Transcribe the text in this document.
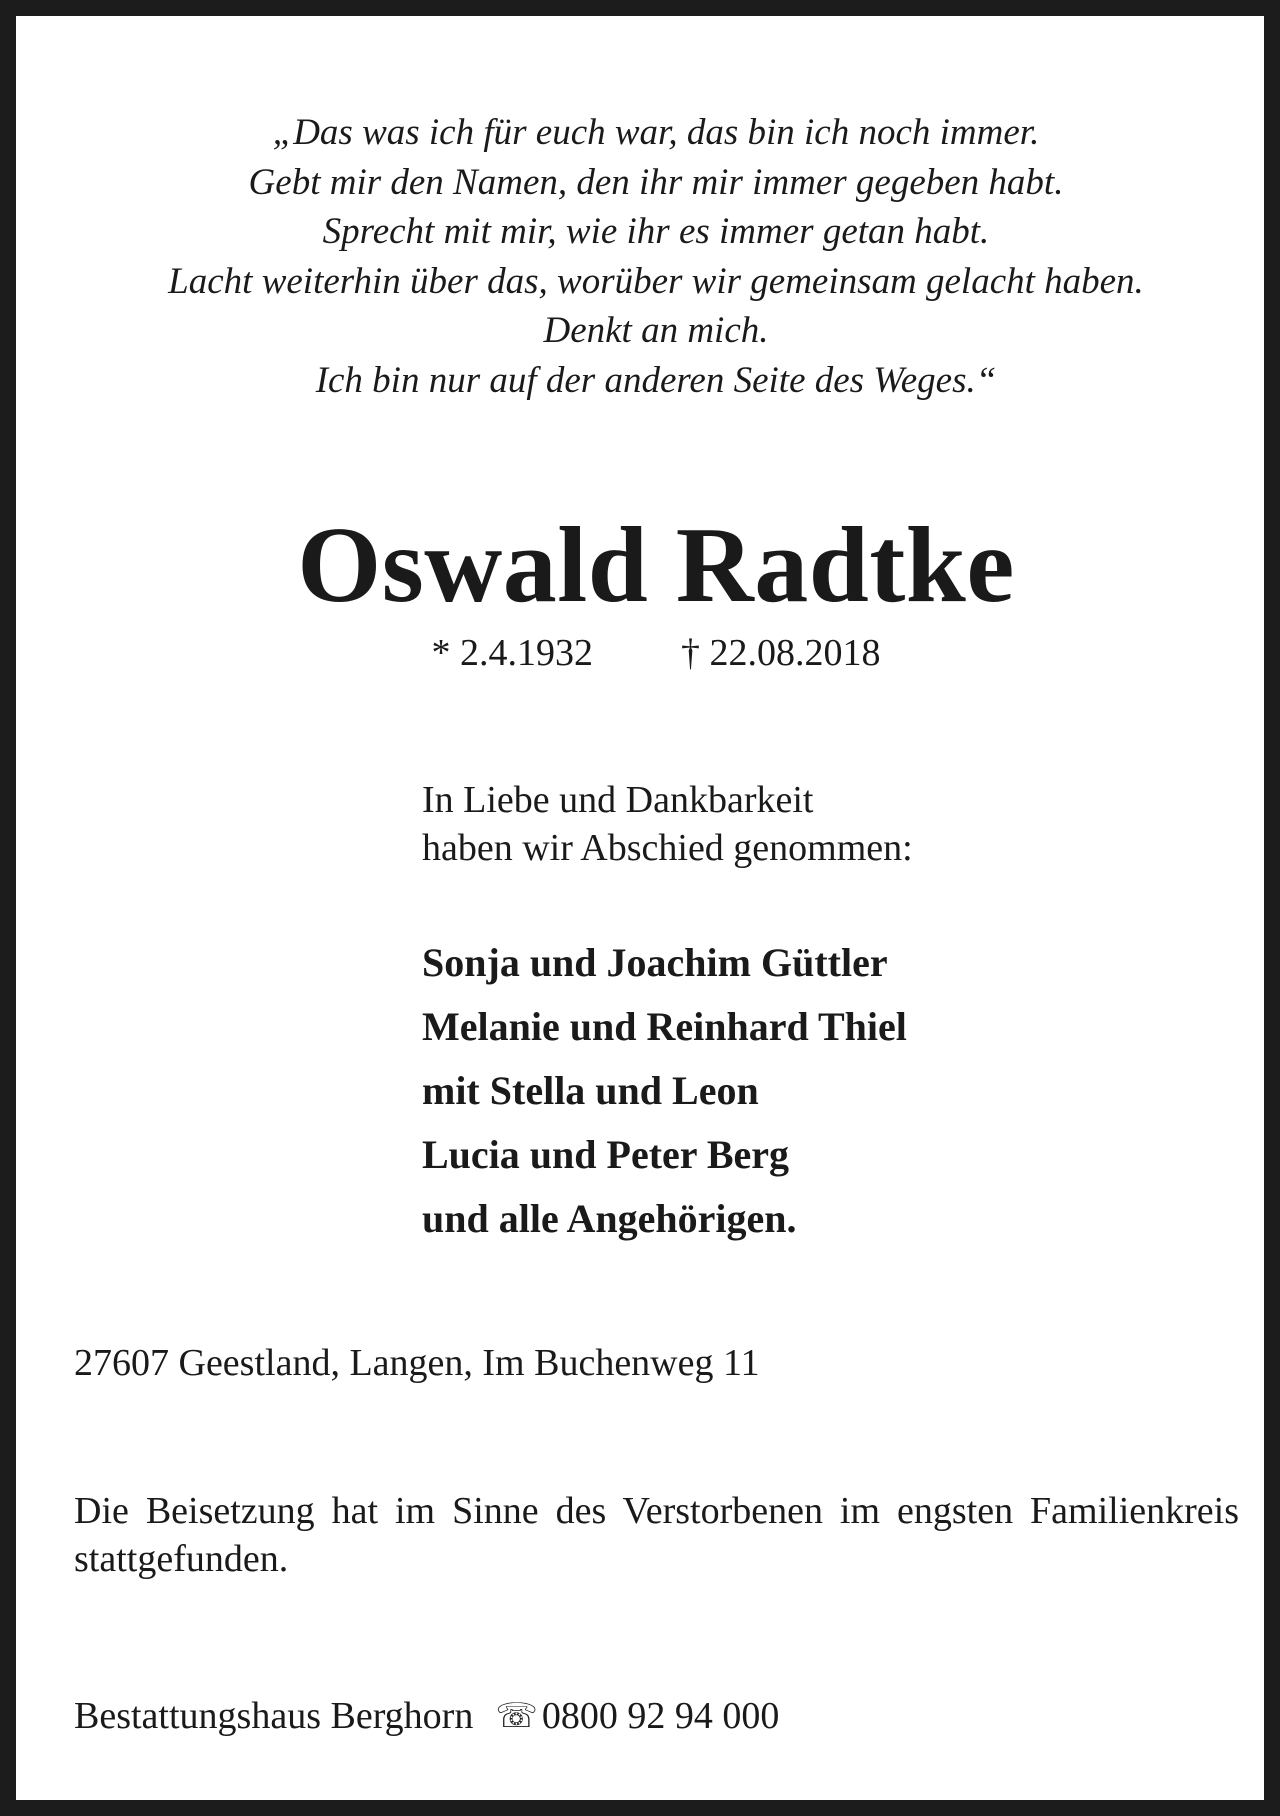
„Das was ich für euch war, das bin ich noch immer.
Gebt mir den Namen, den ihr mir immer gegeben habt.
Sprecht mit mir, wie ihr es immer getan habt.
Lacht weiterhin über das, worüber wir gemeinsam gelacht haben.
Denkt an mich.
Ich bin nur auf der anderen Seite des Weges.“
Oswald Radtke
* 2.4.1932 † 22.08.2018
In Liebe und Dankbarkeit
haben wir Abschied genommen:
Sonja und Joachim Güttler
Melanie und Reinhard Thiel
mit Stella und Leon
Lucia und Peter Berg
und alle Angehörigen.
27607 Geestland, Langen, Im Buchenweg 11
Die Beisetzung hat im Sinne des Verstorbenen im engsten Familienkreis stattgefunden.
Bestattungshaus Berghorn ☏ 0800 92 94 000
